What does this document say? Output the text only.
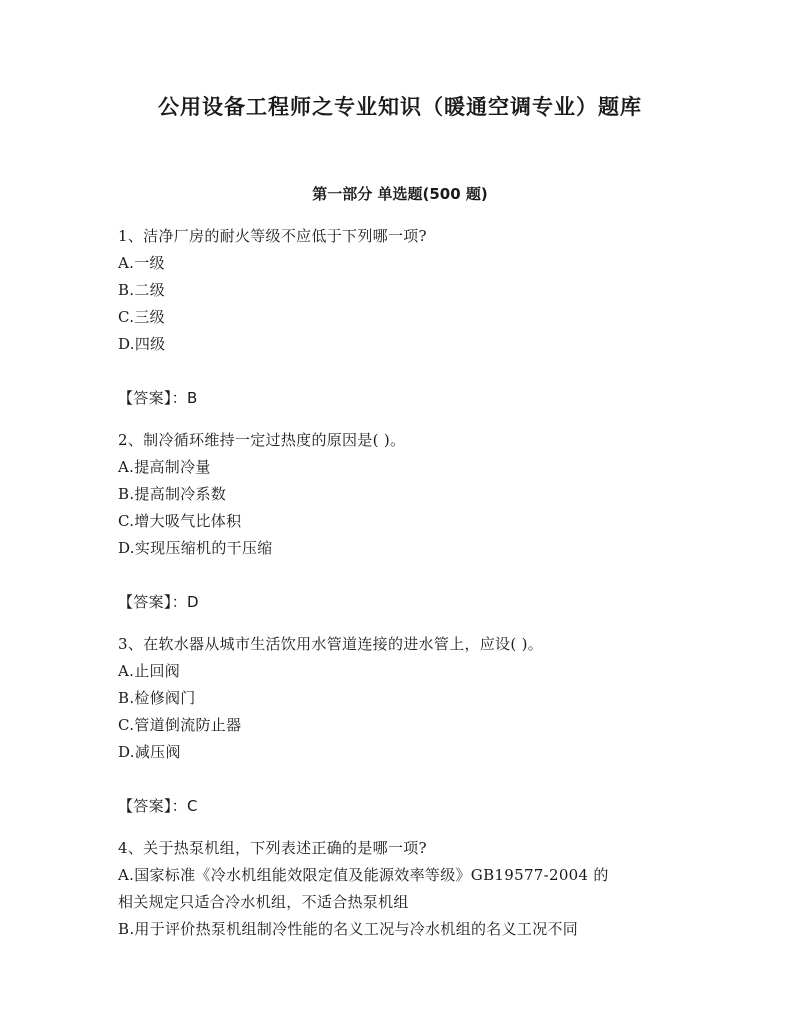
公用设备工程师之专业知识（暖通空调专业）题库
第一部分 单选题(500 题)
1、洁净厂房的耐火等级不应低于下列哪一项?
A.一级
B.二级
C.三级
D.四级
【答案】：B
2、制冷循环维持一定过热度的原因是( )。
A.提高制冷量
B.提高制冷系数
C.增大吸气比体积
D.实现压缩机的干压缩
【答案】：D
3、在软水器从城市生活饮用水管道连接的进水管上，应设( )。
A.止回阀
B.检修阀门
C.管道倒流防止器
D.减压阀
【答案】：C
4、关于热泵机组，下列表述正确的是哪一项?
A.国家标准《冷水机组能效限定值及能源效率等级》GB19577-2004 的
相关规定只适合冷水机组，不适合热泵机组
B.用于评价热泵机组制冷性能的名义工况与冷水机组的名义工况不同
